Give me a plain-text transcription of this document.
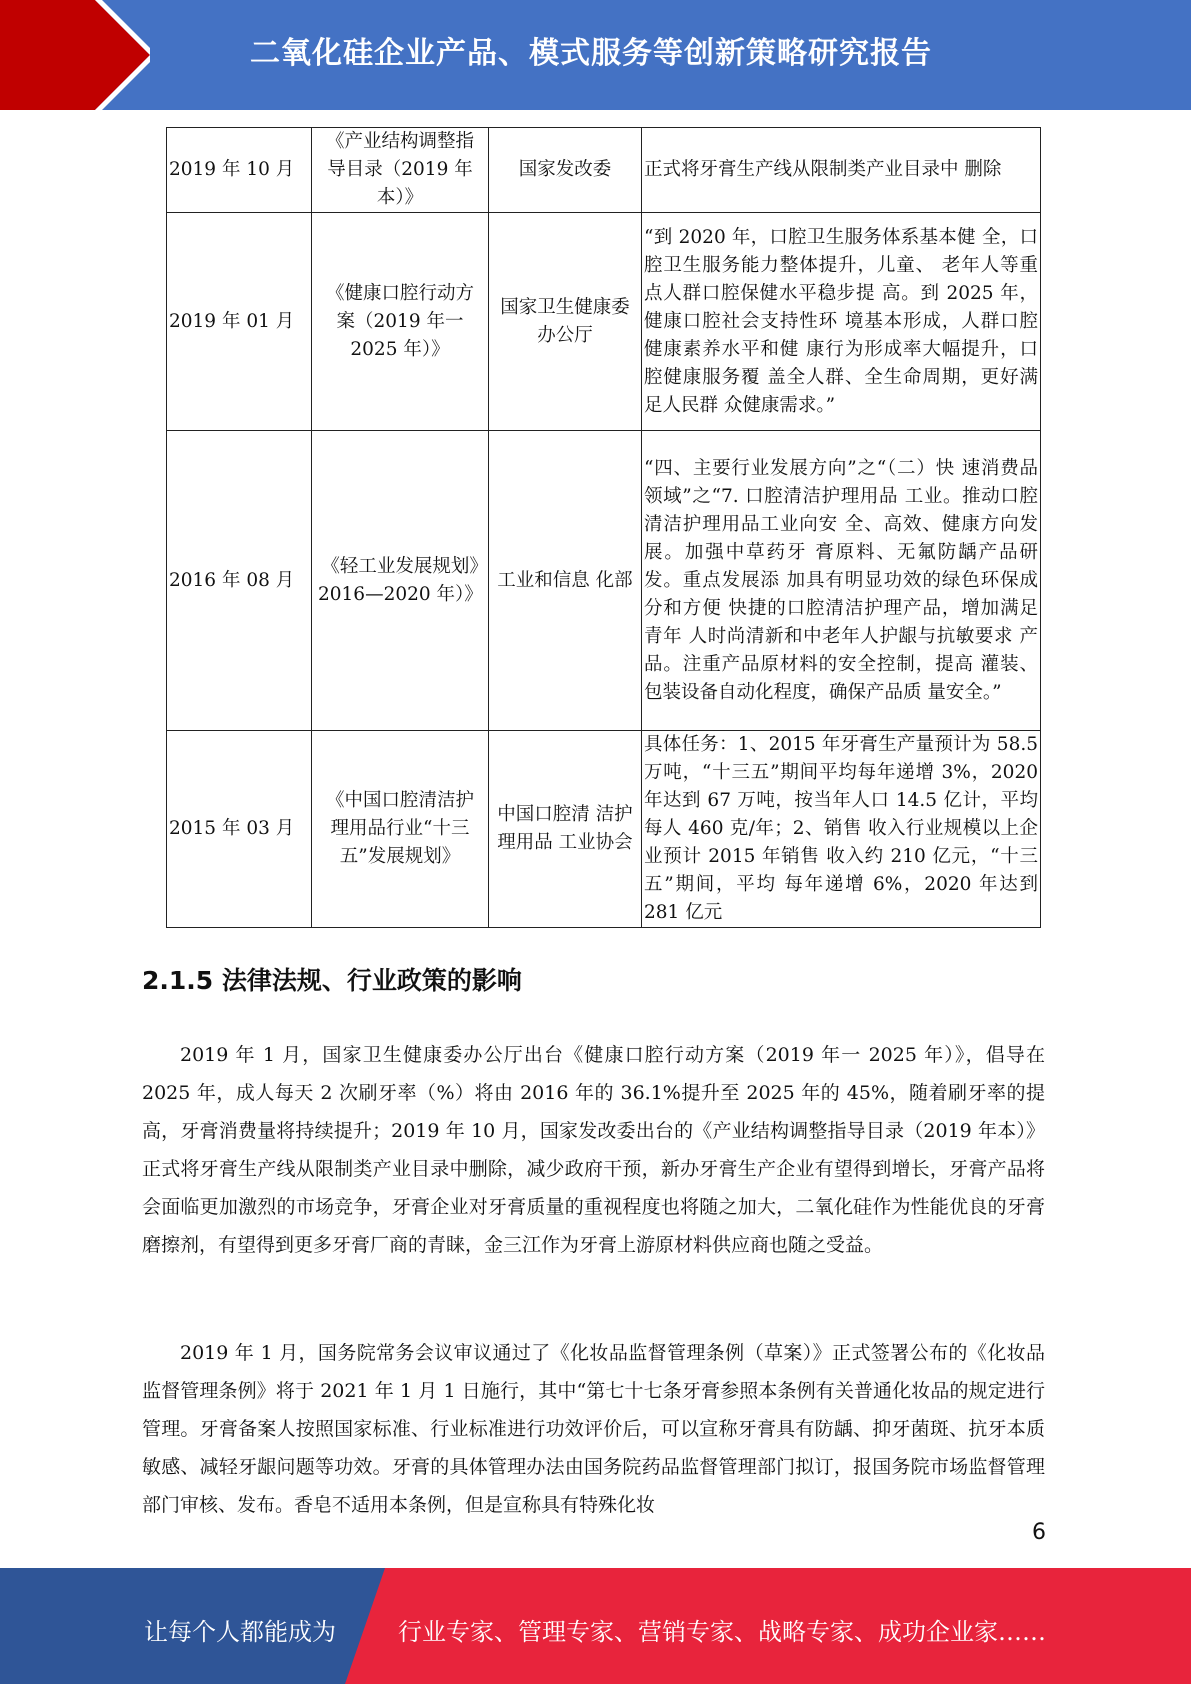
二氧化硅企业产品、模式服务等创新策略研究报告
2019 年 10 月	《产业结构调整指导目录（2019 年本）》	国家发改委	正式将牙膏生产线从限制类产业目录中 删除
2019 年 01 月	《健康口腔行动方案（2019 年一 2025 年）》	国家卫生健康委办公厅	“到 2020 年，口腔卫生服务体系基本健 全，口腔卫生服务能力整体提升，儿童、 老年人等重点人群口腔保健水平稳步提 高。到 2025 年，健康口腔社会支持性环 境基本形成，人群口腔健康素养水平和健 康行为形成率大幅提升，口腔健康服务覆 盖全人群、全生命周期，更好满足人民群 众健康需求。”
2016 年 08 月	《轻工业发展规划》2016—2020 年）》	工业和信息 化部	“四、主要行业发展方向”之“（二）快 速消费品领域”之“7. 口腔清洁护理用品 工业。推动口腔清洁护理用品工业向安 全、高效、健康方向发展。加强中草药牙 膏原料、无氟防龋产品研发。重点发展添 加具有明显功效的绿色环保成分和方便 快捷的口腔清洁护理产品，增加满足青年 人时尚清新和中老年人护龈与抗敏要求 产品。注重产品原材料的安全控制，提高 灌装、包装设备自动化程度，确保产品质 量安全。”
2015 年 03 月	《中国口腔清洁护理用品行业“十三五”发展规划》	中国口腔清 洁护理用品 工业协会	具体任务：1、2015 年牙膏生产量预计为 58.5 万吨，“十三五”期间平均每年递增 3%，2020 年达到 67 万吨，按当年人口 14.5 亿计，平均每人 460 克/年；2、销售 收入行业规模以上企业预计 2015 年销售 收入约 210 亿元，“十三五”期间，平均 每年递增 6%，2020 年达到 281 亿元
2.1.5 法律法规、行业政策的影响

2019 年 1 月，国家卫生健康委办公厅出台《健康口腔行动方案（2019 年一 2025 年）》，倡导在 2025 年，成人每天 2 次刷牙率（%）将由 2016 年的 36.1%提升至 2025 年的 45%，随着刷牙率的提高，牙膏消费量将持续提升；2019 年 10 月，国家发改委出台的《产业结构调整指导目录（2019 年本）》正式将牙膏生产线从限制类产业目录中删除，减少政府干预，新办牙膏生产企业有望得到增长，牙膏产品将会面临更加激烈的市场竞争，牙膏企业对牙膏质量的重视程度也将随之加大，二氧化硅作为性能优良的牙膏磨擦剂，有望得到更多牙膏厂商的青睐，金三江作为牙膏上游原材料供应商也随之受益。

2019 年 1 月，国务院常务会议审议通过了《化妆品监督管理条例（草案）》正式签署公布的《化妆品监督管理条例》将于 2021 年 1 月 1 日施行，其中“第七十七条牙膏参照本条例有关普通化妆品的规定进行管理。牙膏备案人按照国家标准、行业标准进行功效评价后，可以宣称牙膏具有防龋、抑牙菌斑、抗牙本质敏感、减轻牙龈问题等功效。牙膏的具体管理办法由国务院药品监督管理部门拟订，报国务院市场监督管理部门审核、发布。香皂不适用本条例，但是宣称具有特殊化妆

6
让每个人都能成为	行业专家、管理专家、营销专家、战略专家、成功企业家……
